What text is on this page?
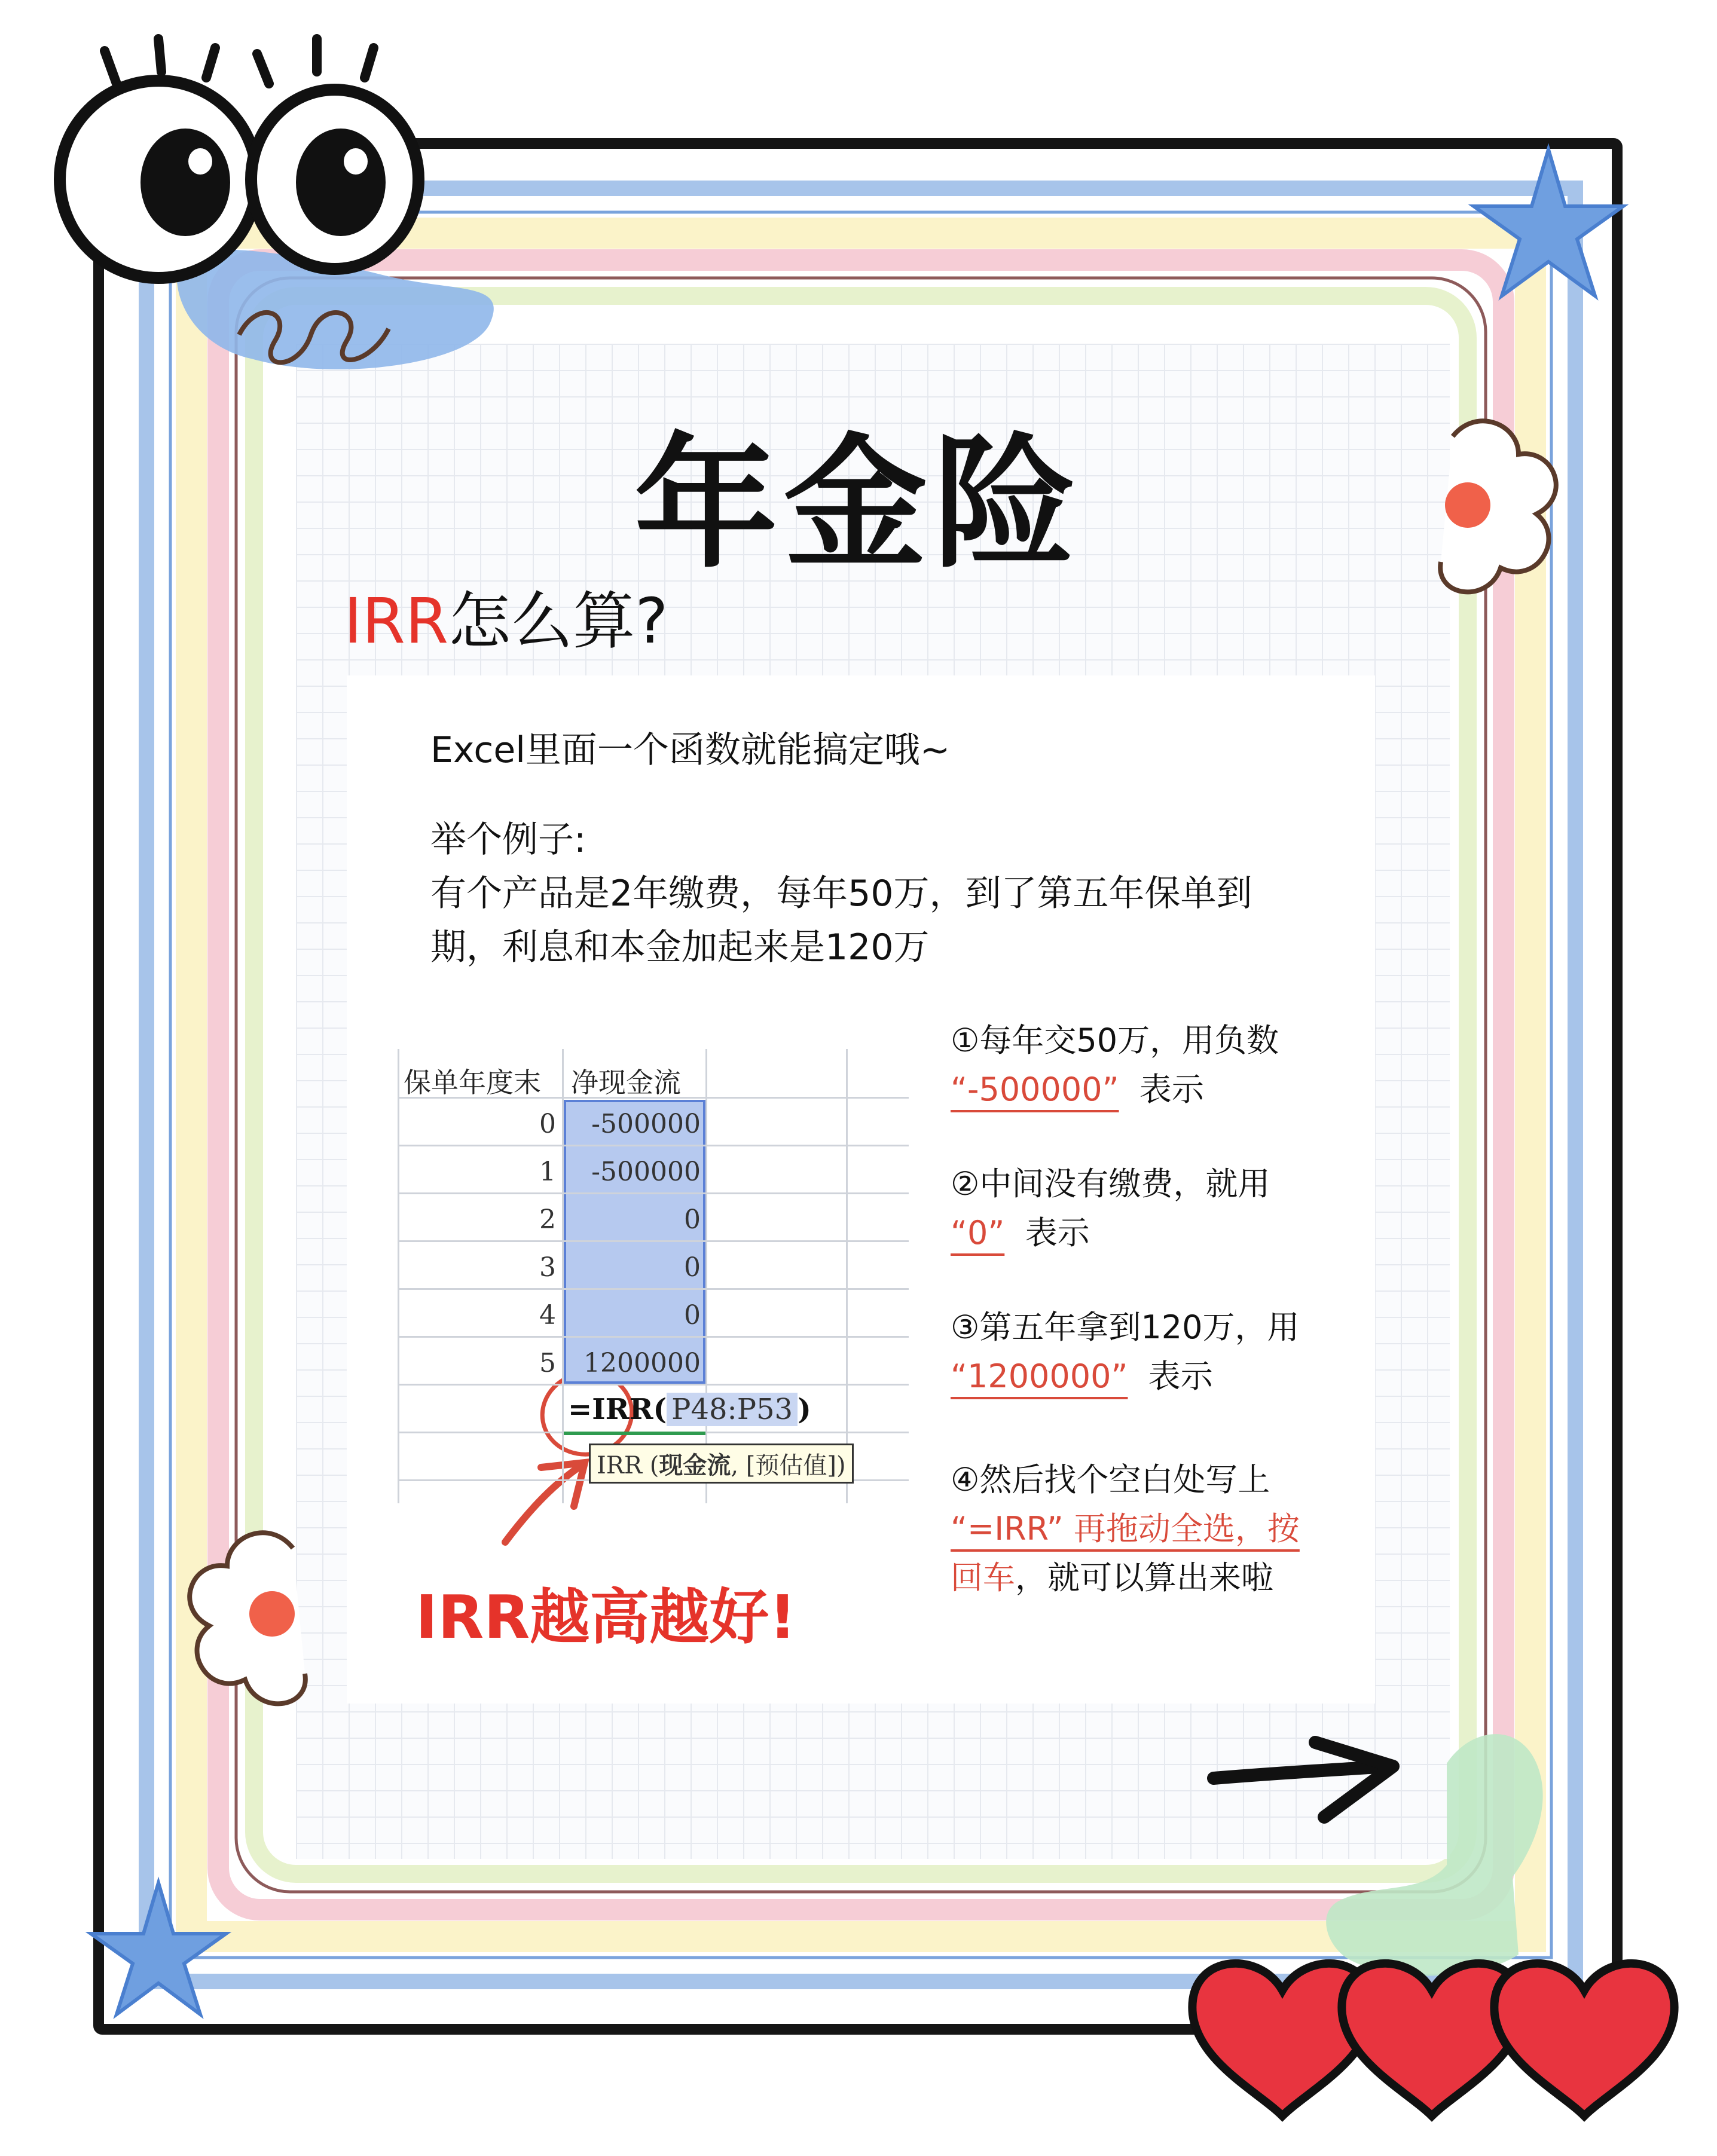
年金险
IRR怎么算?

Excel里面一个函数就能搞定哦~

举个例子:

有个产品是2年缴费，每年50万，到了第五年保单到

期，利息和本金加起来是120万

保单年度末 净现金流
0	-500000
1	-500000
2	0
3	0
4	0
5	1200000
=IRR( P48:P53 )
IRR (现金流, [预估值])
IRR越高越好!

①每年交50万，用负数

“-500000” 表示

②中间没有缴费，就用

“0” 表示

③第五年拿到120万，用

“1200000” 表示

④然后找个空白处写上

“=IRR” 再拖动全选，按

回车，就可以算出来啦
